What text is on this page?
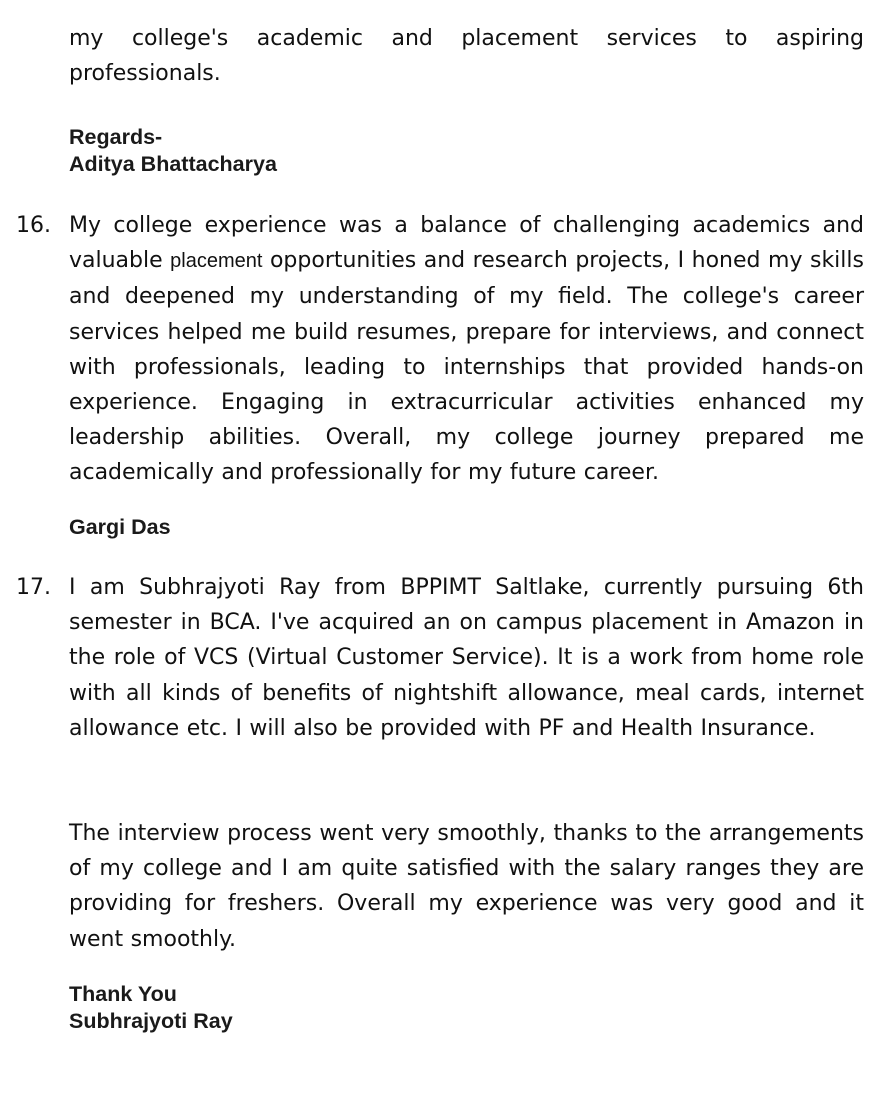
my college's academic and placement services to aspiring professionals.

Regards-

Aditya Bhattacharya

16. My college experience was a balance of challenging academics and valuable placement opportunities and research projects, I honed my skills and deepened my understanding of my field. The college's career services helped me build resumes, prepare for interviews, and connect with professionals, leading to internships that provided hands-on experience. Engaging in extracurricular activities enhanced my leadership abilities. Overall, my college journey prepared me academically and professionally for my future career.

Gargi Das

17. I am Subhrajyoti Ray from BPPIMT Saltlake, currently pursuing 6th semester in BCA. I've acquired an on campus placement in Amazon in the role of VCS (Virtual Customer Service). It is a work from home role with all kinds of benefits of nightshift allowance, meal cards, internet allowance etc. I will also be provided with PF and Health Insurance.

The interview process went very smoothly, thanks to the arrangements of my college and I am quite satisfied with the salary ranges they are providing for freshers. Overall my experience was very good and it went smoothly.

Thank You

Subhrajyoti Ray
